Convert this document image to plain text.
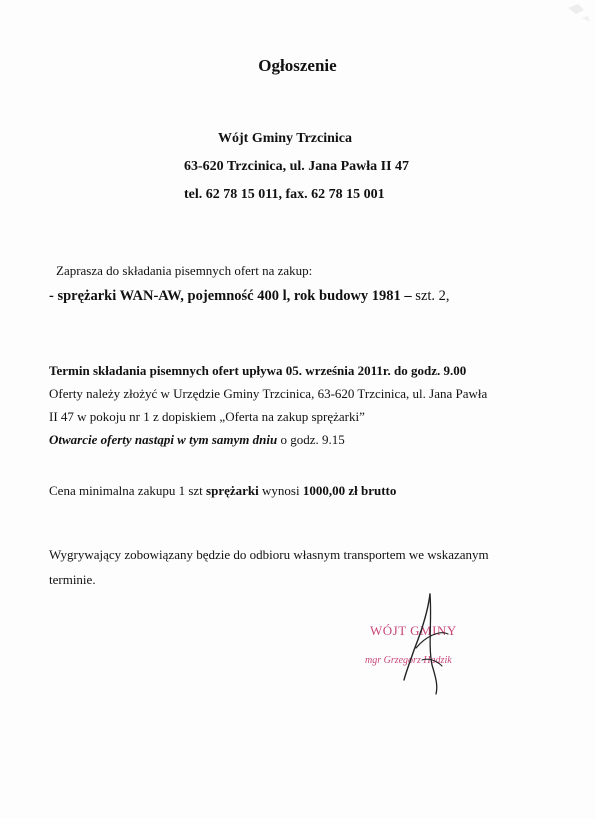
Ogłoszenie
Wójt Gminy Trzcinica
63-620 Trzcinica, ul. Jana Pawła II 47
tel. 62 78 15 011, fax. 62 78 15 001
Zaprasza do składania pisemnych ofert na zakup:
- sprężarki WAN-AW, pojemność 400 l, rok budowy 1981 – szt. 2,
Termin składania pisemnych ofert upływa 05. września 2011r. do godz. 9.00
Oferty należy złożyć w Urzędzie Gminy Trzcinica, 63-620 Trzcinica, ul. Jana Pawła
II 47 w pokoju nr 1 z dopiskiem „Oferta na zakup sprężarki”
Otwarcie oferty nastąpi w tym samym dniu o godz. 9.15
Cena minimalna zakupu 1 szt sprężarki wynosi 1000,00 zł brutto
Wygrywający zobowiązany będzie do odbioru własnym transportem we wskazanym
terminie.
WÓJT GMINY
mgr Grzegorz Hadzik
